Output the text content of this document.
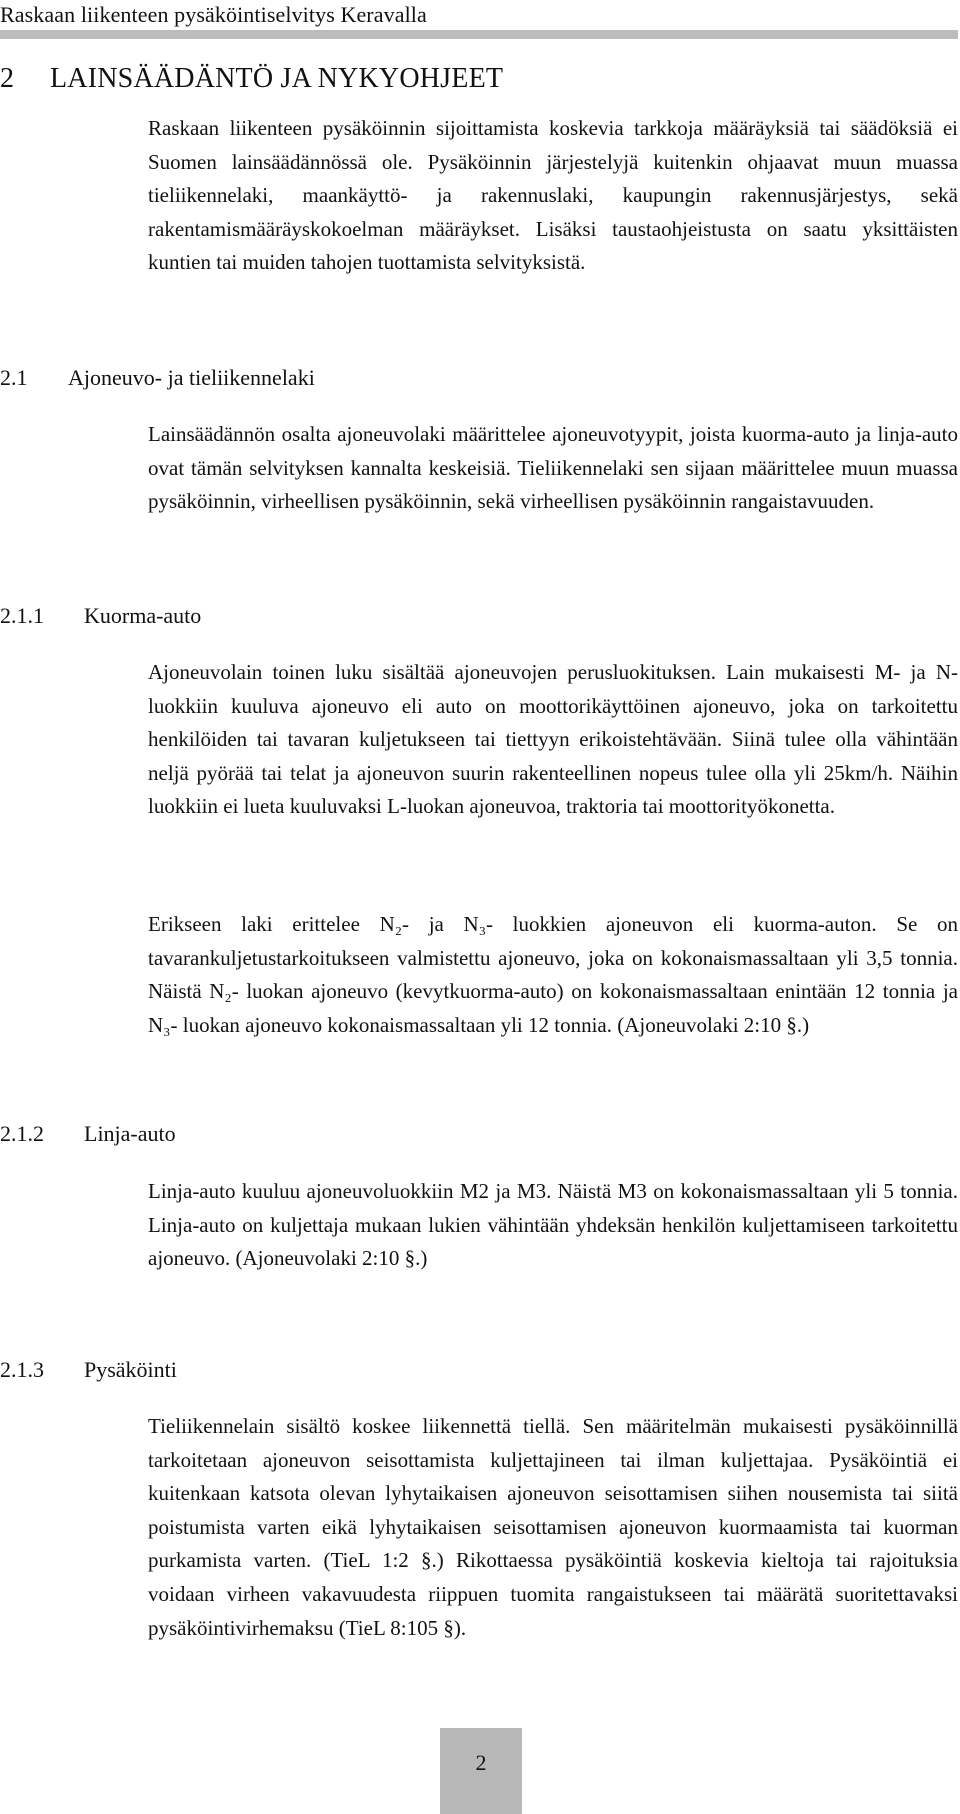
Raskaan liikenteen pysäköintiselvitys Keravalla
2 LAINSÄÄDÄNTÖ JA NYKYOHJEET

Raskaan liikenteen pysäköinnin sijoittamista koskevia tarkkoja määräyksiä tai säädöksiä ei Suomen lainsäädännössä ole. Pysäköinnin järjestelyjä kuitenkin ohjaavat muun muassa tieliikennelaki, maankäyttö- ja rakennuslaki, kaupungin rakennusjärjestys, sekä rakentamismääräyskokoelman määräykset. Lisäksi taustaohjeistusta on saatu yksittäisten kuntien tai muiden tahojen tuottamista selvityksistä.

2.1 Ajoneuvo- ja tieliikennelaki

Lainsäädännön osalta ajoneuvolaki määrittelee ajoneuvotyypit, joista kuorma-auto ja linja-auto ovat tämän selvityksen kannalta keskeisiä. Tieliikennelaki sen sijaan määrittelee muun muassa pysäköinnin, virheellisen pysäköinnin, sekä virheellisen pysäköinnin rangaistavuuden.

2.1.1 Kuorma-auto

Ajoneuvolain toinen luku sisältää ajoneuvojen perusluokituksen. Lain mukaisesti M- ja N- luokkiin kuuluva ajoneuvo eli auto on moottorikäyttöinen ajoneuvo, joka on tarkoitettu henkilöiden tai tavaran kuljetukseen tai tiettyyn erikoistehtävään. Siinä tulee olla vähintään neljä pyörää tai telat ja ajoneuvon suurin rakenteellinen nopeus tulee olla yli 25km/h. Näihin luokkiin ei lueta kuuluvaksi L-luokan ajoneuvoa, traktoria tai moottorityökonetta.

Erikseen laki erittelee N₂- ja N₃- luokkien ajoneuvon eli kuorma-auton. Se on tavarankuljetustarkoitukseen valmistettu ajoneuvo, joka on kokonaismassaltaan yli 3,5 tonnia. Näistä N₂- luokan ajoneuvo (kevytkuorma-auto) on kokonaismassaltaan enintään 12 tonnia ja N₃- luokan ajoneuvo kokonaismassaltaan yli 12 tonnia. (Ajoneuvolaki 2:10 §.)

2.1.2 Linja-auto

Linja-auto kuuluu ajoneuvoluokkiin M2 ja M3. Näistä M3 on kokonaismassaltaan yli 5 tonnia. Linja-auto on kuljettaja mukaan lukien vähintään yhdeksän henkilön kuljettamiseen tarkoitettu ajoneuvo. (Ajoneuvolaki 2:10 §.)

2.1.3 Pysäköinti

Tieliikennelain sisältö koskee liikennettä tiellä. Sen määritelmän mukaisesti pysäköinnillä tarkoitetaan ajoneuvon seisottamista kuljettajineen tai ilman kuljettajaa. Pysäköintiä ei kuitenkaan katsota olevan lyhytaikaisen ajoneuvon seisottamisen siihen nousemista tai siitä poistumista varten eikä lyhytaikaisen seisottamisen ajoneuvon kuormaamista tai kuorman purkamista varten. (TieL 1:2 §.) Rikottaessa pysäköintiä koskevia kieltoja tai rajoituksia voidaan virheen vakavuudesta riippuen tuomita rangaistukseen tai määrätä suoritettavaksi pysäköintivirhemaksu (TieL 8:105 §).

2
